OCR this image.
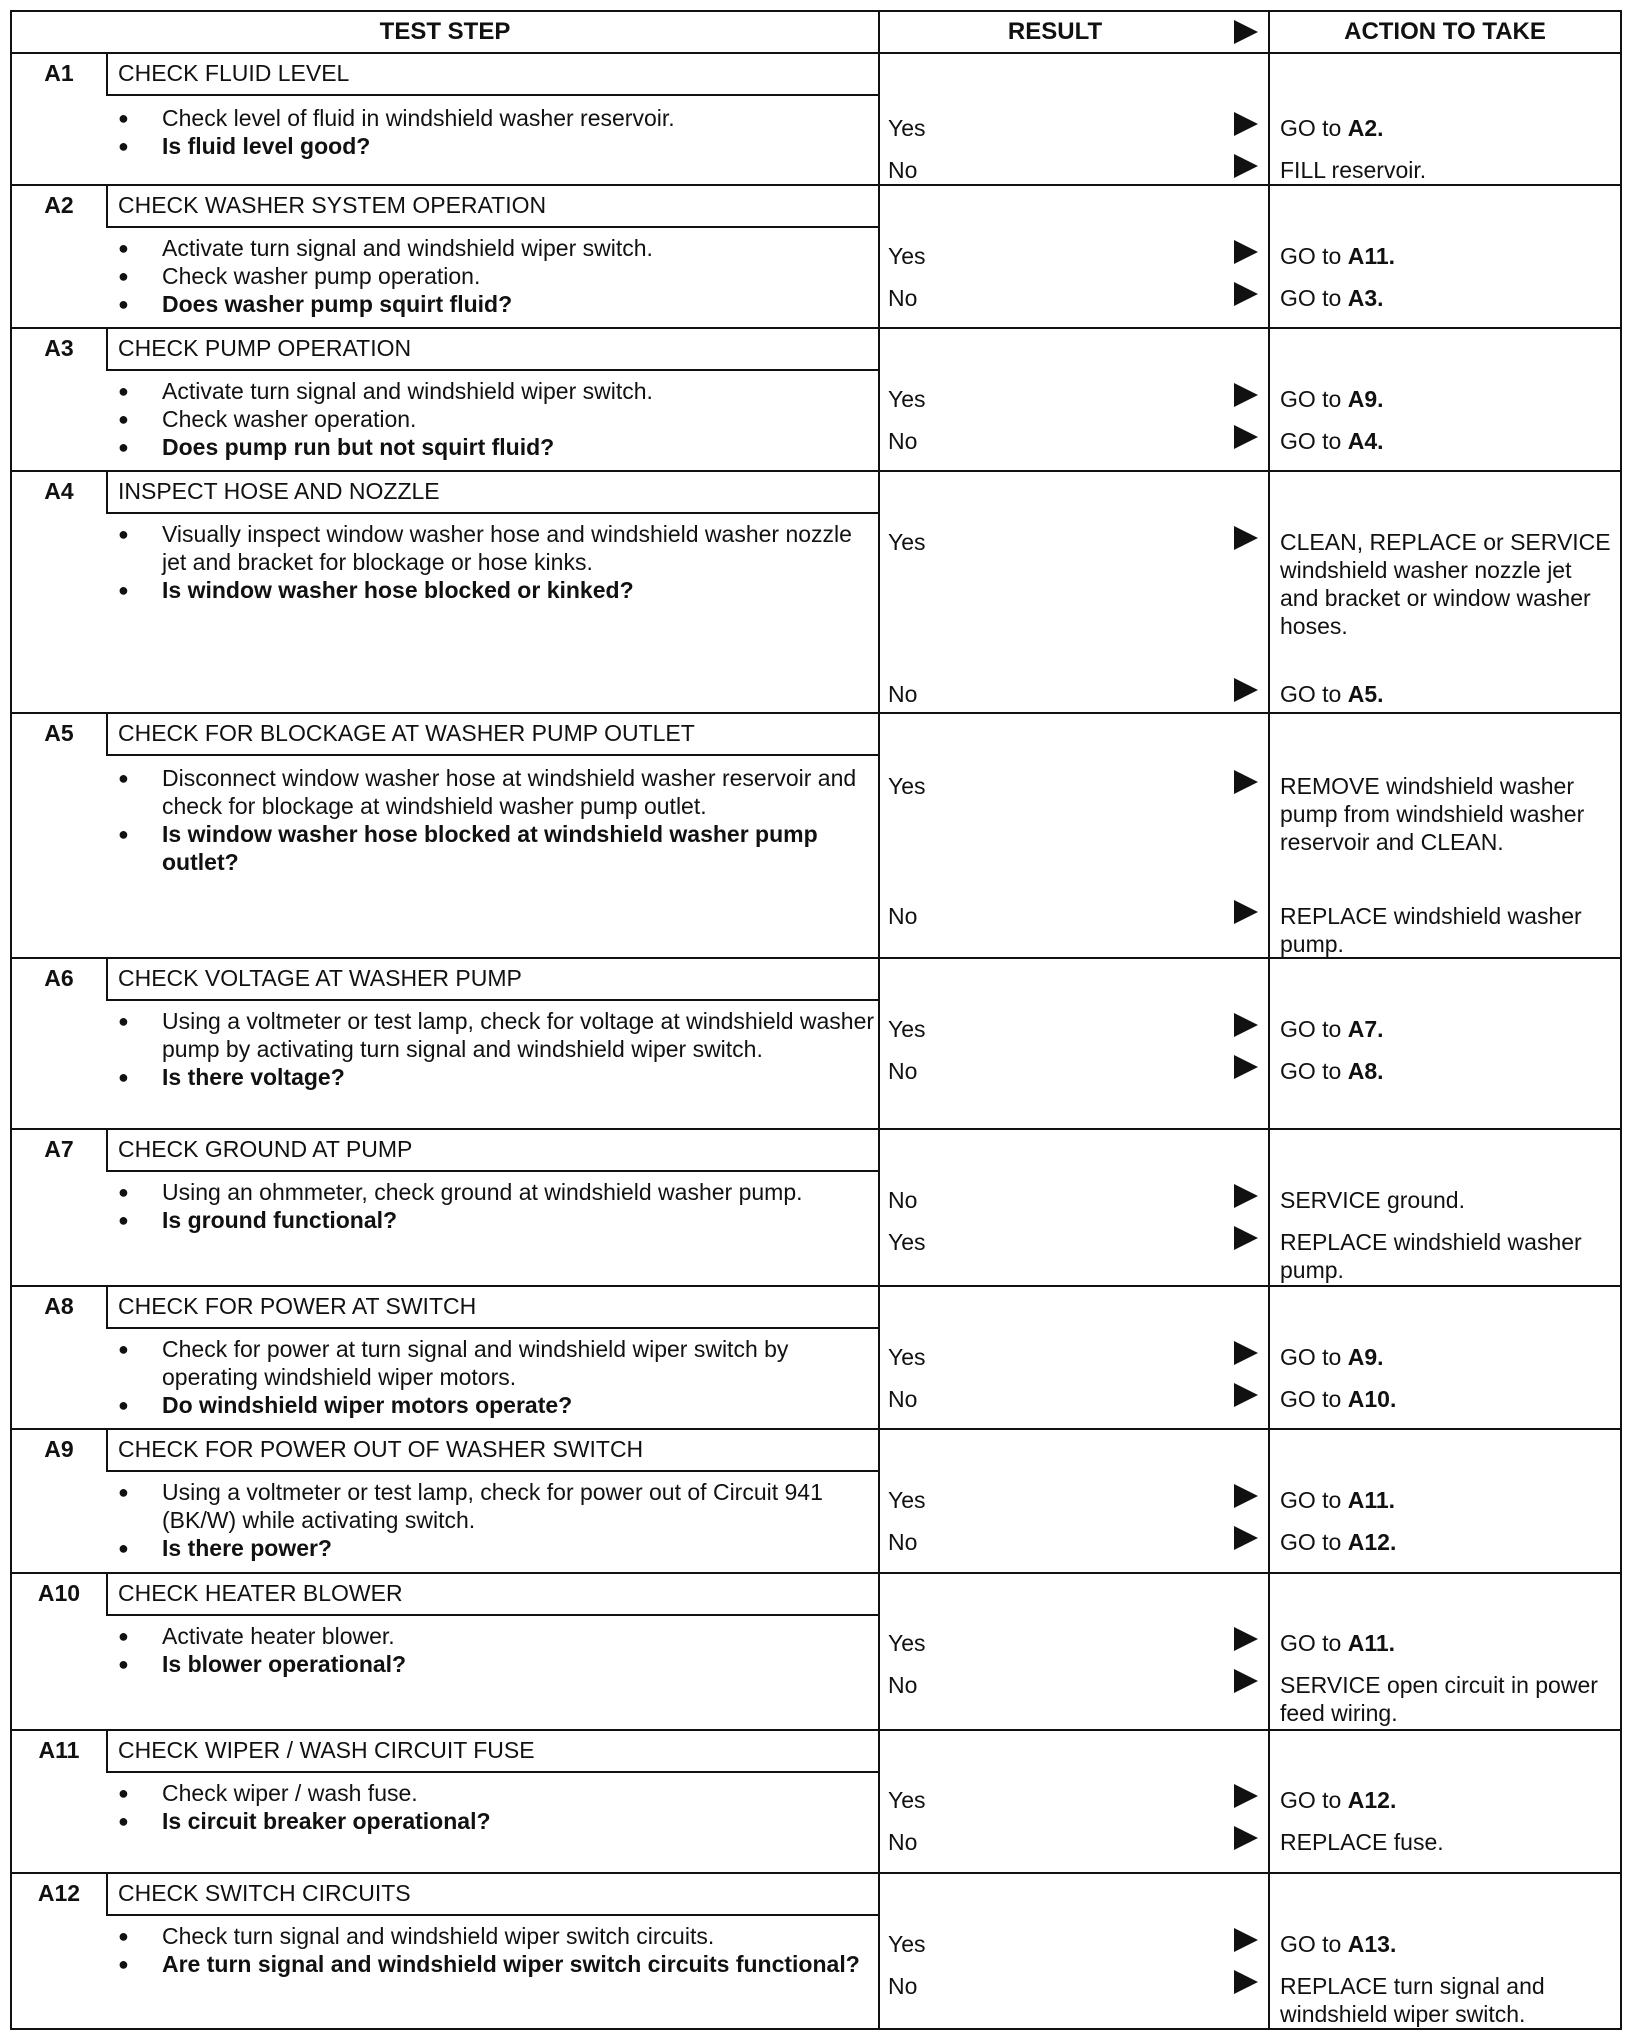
TEST STEP	RESULT	ACTION TO TAKE
A1	CHECK FLUID LEVEL
●	Check level of fluid in windshield washer reservoir.
●	Is fluid level good?
Yes	GO to A2.
No	FILL reservoir.
A2	CHECK WASHER SYSTEM OPERATION
●	Activate turn signal and windshield wiper switch.
●	Check washer pump operation.
●	Does washer pump squirt fluid?
Yes	GO to A11.
No	GO to A3.
A3	CHECK PUMP OPERATION
●	Activate turn signal and windshield wiper switch.
●	Check washer operation.
●	Does pump run but not squirt fluid?
Yes	GO to A9.
No	GO to A4.
A4	INSPECT HOSE AND NOZZLE
●	Visually inspect window washer hose and windshield washer nozzle jet and bracket for blockage or hose kinks.
●	Is window washer hose blocked or kinked?
Yes	CLEAN, REPLACE or SERVICE windshield washer nozzle jet and bracket or window washer hoses.
No	GO to A5.
A5	CHECK FOR BLOCKAGE AT WASHER PUMP OUTLET
●	Disconnect window washer hose at windshield washer reservoir and check for blockage at windshield washer pump outlet.
●	Is window washer hose blocked at windshield washer pump outlet?
Yes	REMOVE windshield washer pump from windshield washer reservoir and CLEAN.
No	REPLACE windshield washer pump.
A6	CHECK VOLTAGE AT WASHER PUMP
●	Using a voltmeter or test lamp, check for voltage at windshield washer pump by activating turn signal and windshield wiper switch.
●	Is there voltage?
Yes	GO to A7.
No	GO to A8.
A7	CHECK GROUND AT PUMP
●	Using an ohmmeter, check ground at windshield washer pump.
●	Is ground functional?
No	SERVICE ground.
Yes	REPLACE windshield washer pump.
A8	CHECK FOR POWER AT SWITCH
●	Check for power at turn signal and windshield wiper switch by operating windshield wiper motors.
●	Do windshield wiper motors operate?
Yes	GO to A9.
No	GO to A10.
A9	CHECK FOR POWER OUT OF WASHER SWITCH
●	Using a voltmeter or test lamp, check for power out of Circuit 941 (BK/W) while activating switch.
●	Is there power?
Yes	GO to A11.
No	GO to A12.
A10	CHECK HEATER BLOWER
●	Activate heater blower.
●	Is blower operational?
Yes	GO to A11.
No	SERVICE open circuit in power feed wiring.
A11	CHECK WIPER / WASH CIRCUIT FUSE
●	Check wiper / wash fuse.
●	Is circuit breaker operational?
Yes	GO to A12.
No	REPLACE fuse.
A12	CHECK SWITCH CIRCUITS
●	Check turn signal and windshield wiper switch circuits.
●	Are turn signal and windshield wiper switch circuits functional?
Yes	GO to A13.
No	REPLACE turn signal and windshield wiper switch.
